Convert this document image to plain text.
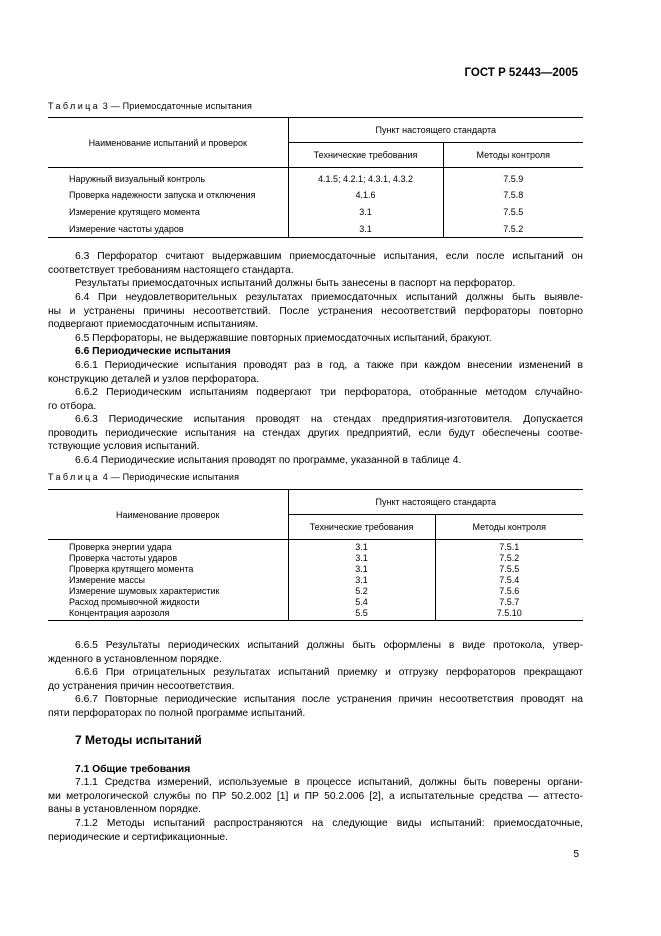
ГОСТ Р 52443—2005
Таблица 3 — Приемосдаточные испытания
Наименование испытаний и проверок	Пункт настоящего стандарта	
	Технические требования	Методы контроля
Наружный визуальный контроль	4.1.5; 4.2.1; 4.3.1, 4.3.2	7.5.9
Проверка надежности запуска и отключения	4.1.6	7.5.8
Измерение крутящего момента	3.1	7.5.5
Измерение частоты ударов	3.1	7.5.2
6.3 Перфоратор считают выдержавшим приемосдаточные испытания, если после испытаний он
соответствует требованиям настоящего стандарта.
Результаты приемосдаточных испытаний должны быть занесены в паспорт на перфоратор.
6.4 При неудовлетворительных результатах приемосдаточных испытаний должны быть выявле-
ны и устранены причины несоответствий. После устранения несоответствий перфораторы повторно
подвергают приемосдаточным испытаниям.
6.5 Перфораторы, не выдержавшие повторных приемосдаточных испытаний, бракуют.
6.6 Периодические испытания
6.6.1 Периодические испытания проводят раз в год, а также при каждом внесении изменений в
конструкцию деталей и узлов перфоратора.
6.6.2 Периодическим испытаниям подвергают три перфоратора, отобранные методом случайно-
го отбора.
6.6.3 Периодические испытания проводят на стендах предприятия-изготовителя. Допускается
проводить периодические испытания на стендах других предприятий, если будут обеспечены соотве-
тствующие условия испытаний.
6.6.4 Периодические испытания проводят по программе, указанной в таблице 4.
Таблица 4 — Периодические испытания
Наименование проверок	Пункт настоящего стандарта	
	Технические требования	Методы контроля
Проверка энергии удара	3.1	7.5.1
Проверка частоты ударов	3.1	7.5.2
Проверка крутящего момента	3.1	7.5.5
Измерение массы	3.1	7.5.4
Измерение шумовых характеристик	5.2	7.5.6
Расход промывочной жидкости	5.4	7.5.7
Концентрация аэрозоля	5.5	7.5.10
6.6.5 Результаты периодических испытаний должны быть оформлены в виде протокола, утвер-
жденного в установленном порядке.
6.6.6 При отрицательных результатах испытаний приемку и отгрузку перфораторов прекращают
до устранения причин несоответствия.
6.6.7 Повторные периодические испытания после устранения причин несоответствия проводят на
пяти перфораторах по полной программе испытаний.
7 Методы испытаний
7.1 Общие требования
7.1.1 Средства измерений, используемые в процессе испытаний, должны быть поверены органи-
ми метрологической службы по ПР 50.2.002 [1] и ПР 50.2.006 [2], а испытательные средства — аттесто-
ваны в установленном порядке.
7.1.2 Методы испытаний распространяются на следующие виды испытаний: приемосдаточные,
периодические и сертификационные.
5
